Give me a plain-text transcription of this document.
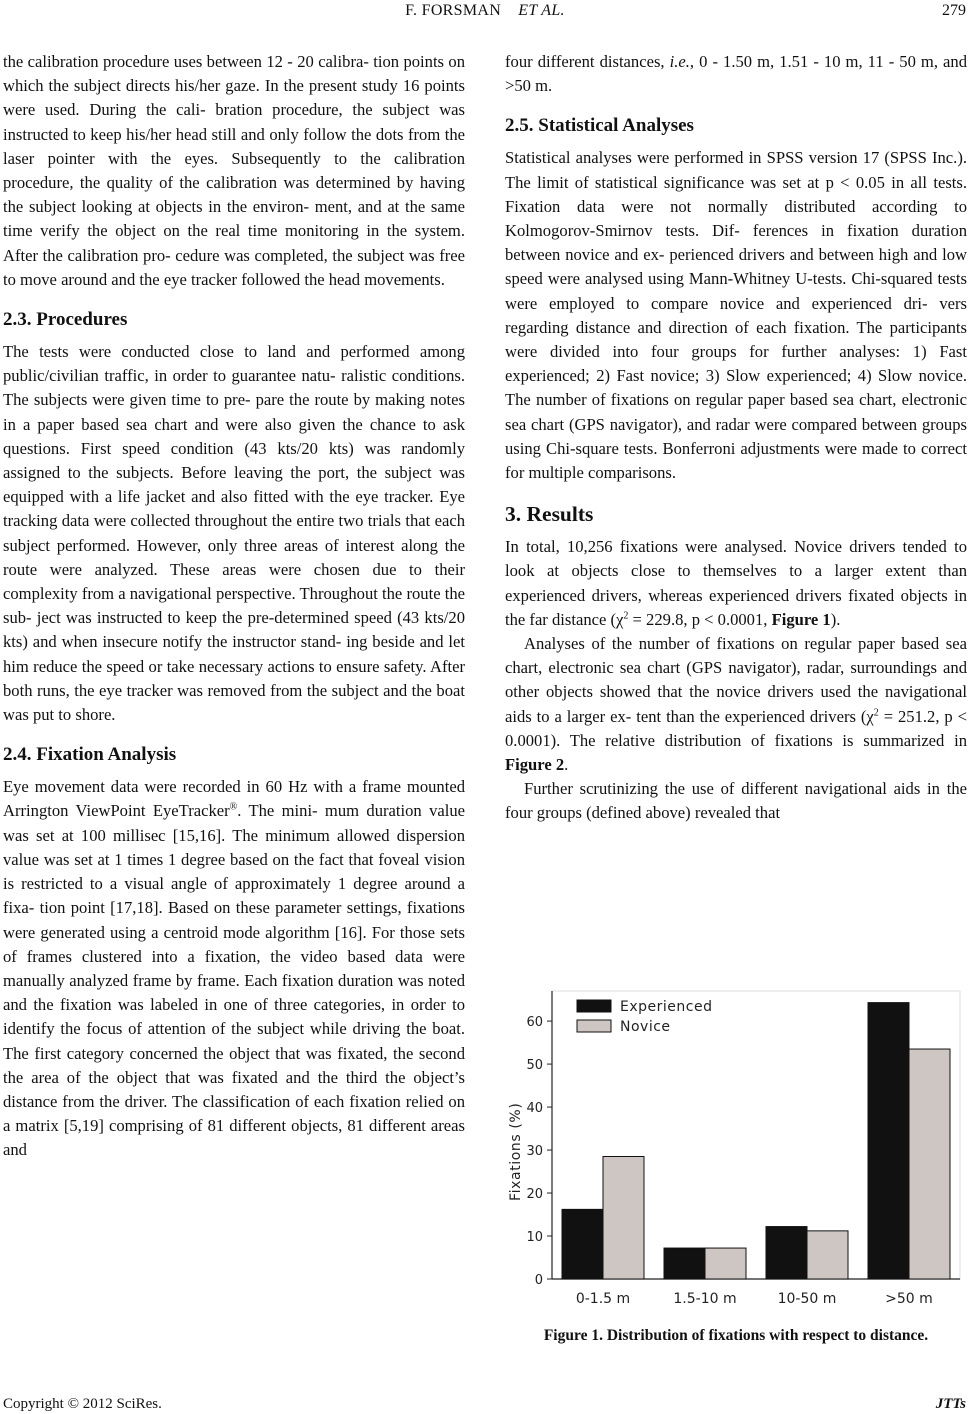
F. FORSMAN ET AL.	279

the calibration procedure uses between 12 - 20 calibra- tion points on which the subject directs his/her gaze. In the present study 16 points were used. During the cali- bration procedure, the subject was instructed to keep his/her head still and only follow the dots from the laser pointer with the eyes. Subsequently to the calibration procedure, the quality of the calibration was determined by having the subject looking at objects in the environ- ment, and at the same time verify the object on the real time monitoring in the system. After the calibration pro- cedure was completed, the subject was free to move around and the eye tracker followed the head movements.

2.3. Procedures

The tests were conducted close to land and performed among public/civilian traffic, in order to guarantee natu- ralistic conditions. The subjects were given time to pre- pare the route by making notes in a paper based sea chart and were also given the chance to ask questions. First speed condition (43 kts/20 kts) was randomly assigned to the subjects. Before leaving the port, the subject was equipped with a life jacket and also fitted with the eye tracker. Eye tracking data were collected throughout the entire two trials that each subject performed. However, only three areas of interest along the route were analyzed. These areas were chosen due to their complexity from a navigational perspective. Throughout the route the sub- ject was instructed to keep the pre-determined speed (43 kts/20 kts) and when insecure notify the instructor stand- ing beside and let him reduce the speed or take necessary actions to ensure safety. After both runs, the eye tracker was removed from the subject and the boat was put to shore.

2.4. Fixation Analysis

Eye movement data were recorded in 60 Hz with a frame mounted Arrington ViewPoint EyeTracker®. The mini- mum duration value was set at 100 millisec [15,16]. The minimum allowed dispersion value was set at 1 times 1 degree based on the fact that foveal vision is restricted to a visual angle of approximately 1 degree around a fixa- tion point [17,18]. Based on these parameter settings, fixations were generated using a centroid mode algorithm [16]. For those sets of frames clustered into a fixation, the video based data were manually analyzed frame by frame. Each fixation duration was noted and the fixation was labeled in one of three categories, in order to identify the focus of attention of the subject while driving the boat. The first category concerned the object that was fixated, the second the area of the object that was fixated and the third the object’s distance from the driver. The classification of each fixation relied on a matrix [5,19] comprising of 81 different objects, 81 different areas and

four different distances, i.e., 0 - 1.50 m, 1.51 - 10 m, 11 - 50 m, and >50 m.

2.5. Statistical Analyses

Statistical analyses were performed in SPSS version 17 (SPSS Inc.). The limit of statistical significance was set at p < 0.05 in all tests. Fixation data were not normally distributed according to Kolmogorov-Smirnov tests. Dif- ferences in fixation duration between novice and ex- perienced drivers and between high and low speed were analysed using Mann-Whitney U-tests. Chi-squared tests were employed to compare novice and experienced dri- vers regarding distance and direction of each fixation. The participants were divided into four groups for further analyses: 1) Fast experienced; 2) Fast novice; 3) Slow experienced; 4) Slow novice. The number of fixations on regular paper based sea chart, electronic sea chart (GPS navigator), and radar were compared between groups using Chi-square tests. Bonferroni adjustments were made to correct for multiple comparisons.

3. Results

In total, 10,256 fixations were analysed. Novice drivers tended to look at objects close to themselves to a larger extent than experienced drivers, whereas experienced drivers fixated objects in the far distance ($\chi^2 = 229.8$, p < 0.0001, Figure 1).

Analyses of the number of fixations on regular paper based sea chart, electronic sea chart (GPS navigator), radar, surroundings and other objects showed that the novice drivers used the navigational aids to a larger ex- tent than the experienced drivers ($\chi^2 = 251.2$, p < 0.0001). The relative distribution of fixations is summarized in Figure 2.

Further scrutinizing the use of different navigational aids in the four groups (defined above) revealed that

0
10
20
30
40
50
60
0-1.5 m	1.5-10 m	10-50 m	>50 m
Experienced
Novice
Fixations (%)
Figure 1. Distribution of fixations with respect to distance.
Copyright © 2012 SciRes.	JTTs
